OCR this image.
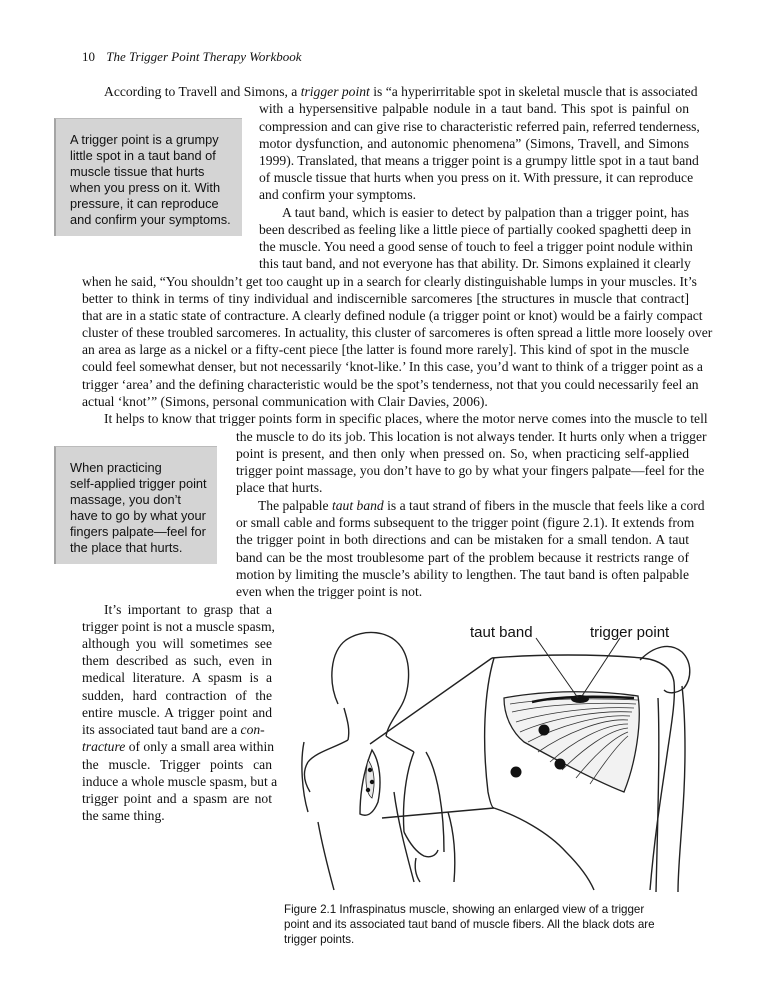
10 The Trigger Point Therapy Workbook
According to Travell and Simons, a trigger point is “a hyperirritable spot in skeletal muscle that is associated
with a hypersensitive palpable nodule in a taut band. This spot is painful on
compression and can give rise to characteristic referred pain, referred tenderness,
motor dysfunction, and autonomic phenomena” (Simons, Travell, and Simons
1999). Translated, that means a trigger point is a grumpy little spot in a taut band
of muscle tissue that hurts when you press on it. With pressure, it can reproduce
and confirm your symptoms.
A trigger point is a grumpy
little spot in a taut band of
muscle tissue that hurts
when you press on it. With
pressure, it can reproduce
and confirm your symptoms.	A taut band, which is easier to detect by palpation than a trigger point, has
been described as feeling like a little piece of partially cooked spaghetti deep in
the muscle. You need a good sense of touch to feel a trigger point nodule within
this taut band, and not everyone has that ability. Dr. Simons explained it clearly
when he said, “You shouldn’t get too caught up in a search for clearly distinguishable lumps in your muscles. It’s
better to think in terms of tiny individual and indiscernible sarcomeres [the structures in muscle that contract]
that are in a static state of contracture. A clearly defined nodule (a trigger point or knot) would be a fairly compact
cluster of these troubled sarcomeres. In actuality, this cluster of sarcomeres is often spread a little more loosely over
an area as large as a nickel or a fifty-cent piece [the latter is found more rarely]. This kind of spot in the muscle
could feel somewhat denser, but not necessarily ‘knot-like.’ In this case, you’d want to think of a trigger point as a
trigger ‘area’ and the defining characteristic would be the spot’s tenderness, not that you could necessarily feel an
actual ‘knot’” (Simons, personal communication with Clair Davies, 2006).
It helps to know that trigger points form in specific places, where the motor nerve comes into the muscle to tell
the muscle to do its job. This location is not always tender. It hurts only when a trigger
point is present, and then only when pressed on. So, when practicing self-applied
trigger point massage, you don’t have to go by what your fingers palpate—feel for the
place that hurts.
When practicing
self-applied trigger point
massage, you don’t
have to go by what your
fingers palpate—feel for
the place that hurts.
The palpable taut band is a taut strand of fibers in the muscle that feels like a cord
or small cable and forms subsequent to the trigger point (figure 2.1). It extends from
the trigger point in both directions and can be mistaken for a small tendon. A taut
band can be the most troublesome part of the problem because it restricts range of
motion by limiting the muscle’s ability to lengthen. The taut band is often palpable
even when the trigger point is not.
It’s important to grasp that a
trigger point is not a muscle spasm,
although you will sometimes see
them described as such, even in
medical literature. A spasm is a
sudden, hard contraction of the
entire muscle. A trigger point and
its associated taut band are a con-
tracture of only a small area within
the muscle. Trigger points can
induce a whole muscle spasm, but a
trigger point and a spasm are not
the same thing.
taut band	trigger point
Figure 2.1 Infraspinatus muscle, showing an enlarged view of a trigger
point and its associated taut band of muscle fibers. All the black dots are
trigger points.
